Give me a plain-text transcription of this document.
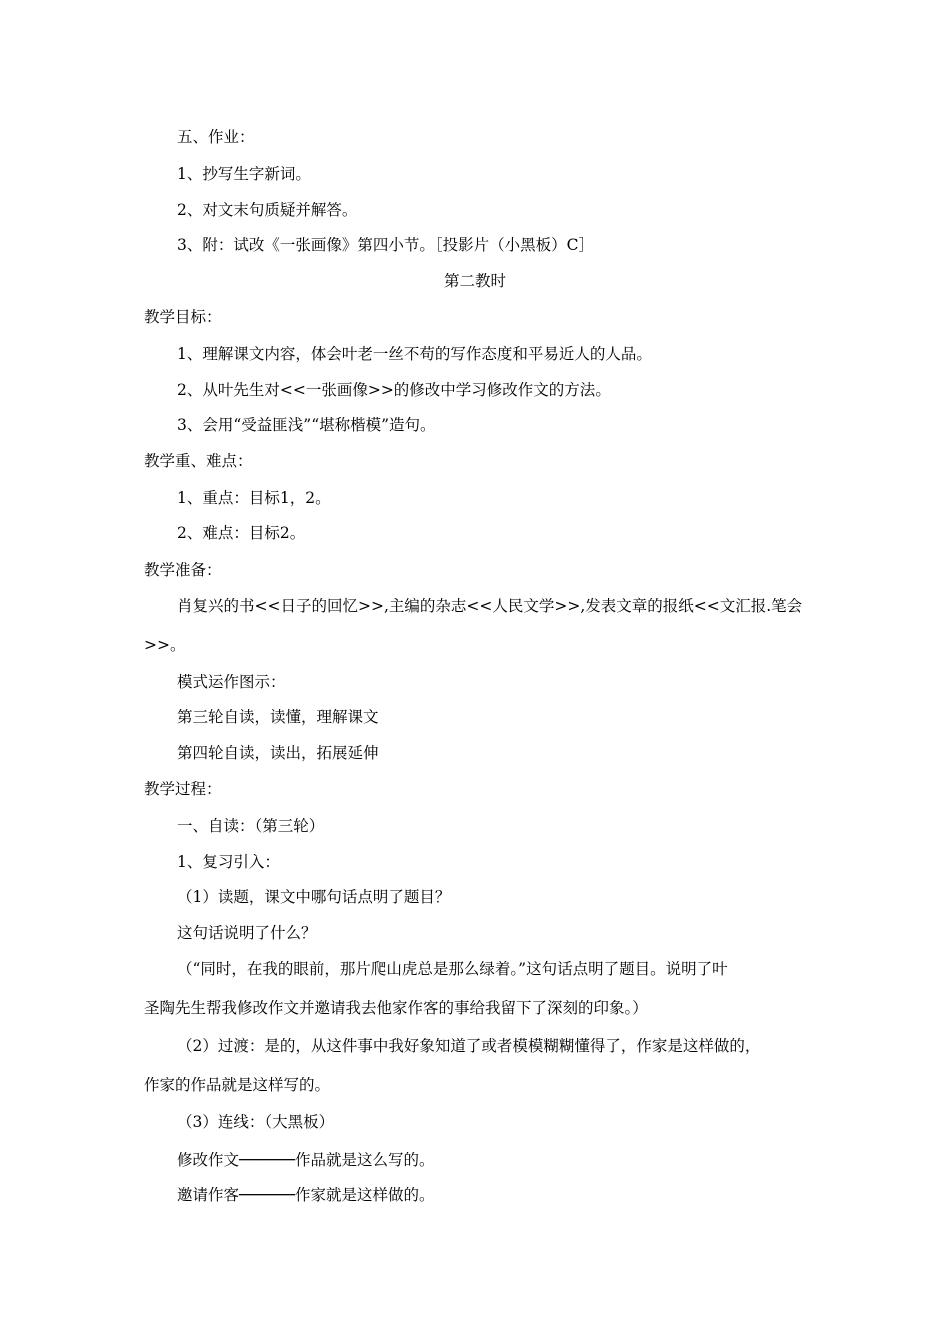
五、作业：
1、抄写生字新词。
2、对文末句质疑并解答。
3、附：试改《一张画像》第四小节。［投影片（小黑板）C］
第二教时
教学目标：
1、理解课文内容，体会叶老一丝不苟的写作态度和平易近人的人品。
2、从叶先生对<<一张画像>>的修改中学习修改作文的方法。
3、会用“受益匪浅”“堪称楷模”造句。
教学重、难点：
1、重点：目标1，2。
2、难点：目标2。
教学准备：
肖复兴的书<<日子的回忆>>,主编的杂志<<人民文学>>,发表文章的报纸<<文汇报.笔会
>>。
模式运作图示：
第三轮自读，读懂，理解课文
第四轮自读，读出，拓展延伸
教学过程：
一、自读：（第三轮）
1、复习引入：
（1）读题，课文中哪句话点明了题目？
这句话说明了什么？
（“同时，在我的眼前，那片爬山虎总是那么绿着。”这句话点明了题目。说明了叶
圣陶先生帮我修改作文并邀请我去他家作客的事给我留下了深刻的印象。）
（2）过渡：是的，从这件事中我好象知道了或者模模糊糊懂得了，作家是这样做的，
作家的作品就是这样写的。
（3）连线：（大黑板）
修改作文──────作品就是这么写的。
邀请作客──────作家就是这样做的。
